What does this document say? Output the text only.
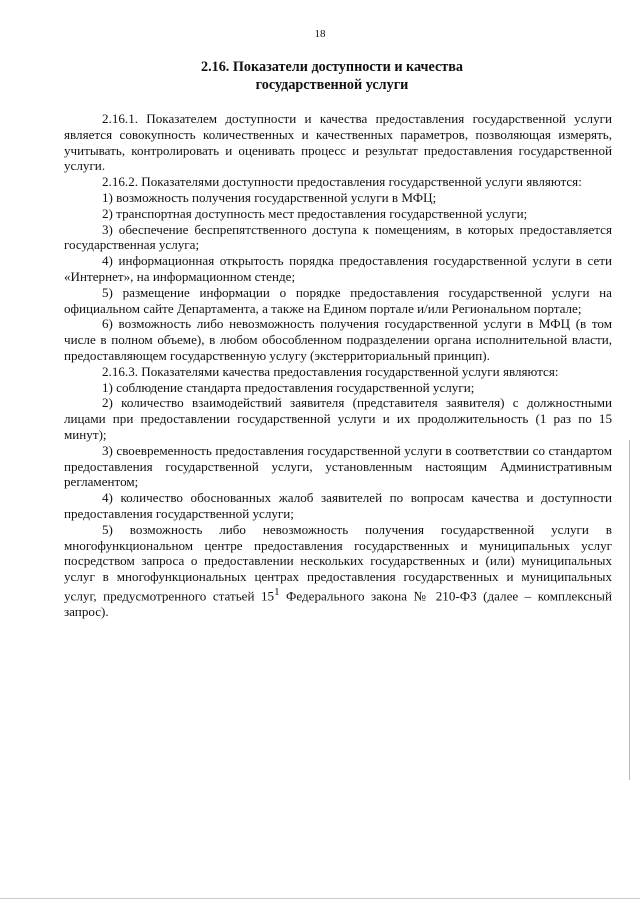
18
2.16. Показатели доступности и качества
государственной услуги

2.16.1. Показателем доступности и качества предоставления государственной услуги является совокупность количественных и качественных параметров, позволяющая измерять, учитывать, контролировать и оценивать процесс и результат предоставления государственной услуги.

2.16.2. Показателями доступности предоставления государственной услуги являются:

1) возможность получения государственной услуги в МФЦ;

2) транспортная доступность мест предоставления государственной услуги;

3) обеспечение беспрепятственного доступа к помещениям, в которых предоставляется государственная услуга;

4) информационная открытость порядка предоставления государственной услуги в сети «Интернет», на информационном стенде;

5) размещение информации о порядке предоставления государственной услуги на официальном сайте Департамента, а также на Едином портале и/или Региональном портале;

6) возможность либо невозможность получения государственной услуги в МФЦ (в том числе в полном объеме), в любом обособленном подразделении органа исполнительной власти, предоставляющем государственную услугу (экстерриториальный принцип).

2.16.3. Показателями качества предоставления государственной услуги являются:

1) соблюдение стандарта предоставления государственной услуги;

2) количество взаимодействий заявителя (представителя заявителя) с должностными лицами при предоставлении государственной услуги и их продолжительность (1 раз по 15 минут);

3) своевременность предоставления государственной услуги в соответствии со стандартом предоставления государственной услуги, установленным настоящим Административным регламентом;

4) количество обоснованных жалоб заявителей по вопросам качества и доступности предоставления государственной услуги;

5) возможность либо невозможность получения государственной услуги в многофункциональном центре предоставления государственных и муниципальных услуг посредством запроса о предоставлении нескольких государственных и (или) муниципальных услуг в многофункциональных центрах предоставления государственных и муниципальных услуг, предусмотренного статьей $15^1$ Федерального закона № 210-ФЗ (далее – комплексный запрос).
